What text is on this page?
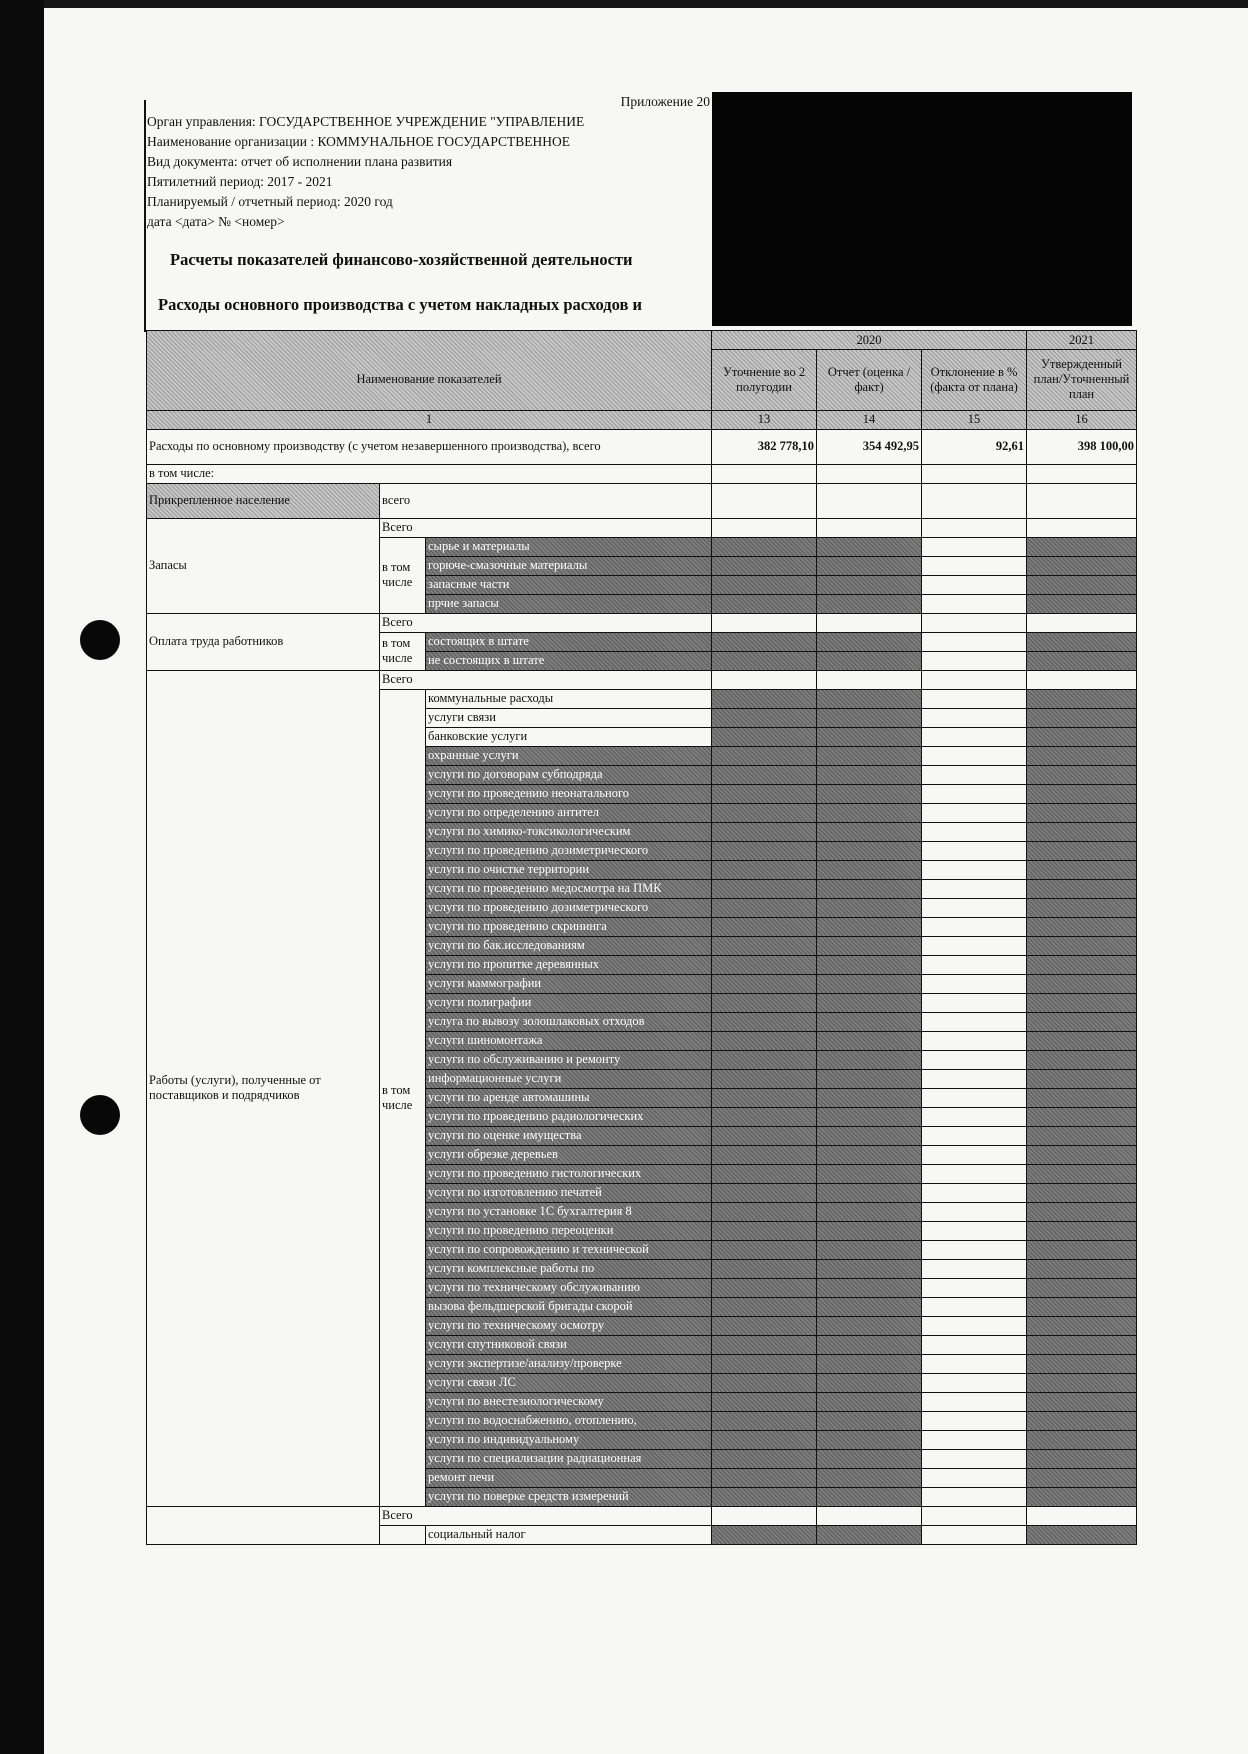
Приложение 20
Орган управления: ГОСУДАРСТВЕННОЕ УЧРЕЖДЕНИЕ "УПРАВЛЕНИЕ
Наименование организации : КОММУНАЛЬНОЕ ГОСУДАРСТВЕННОЕ
Вид документа: отчет об исполнении плана развития
Пятилетний период: 2017 - 2021
Планируемый / отчетный период: 2020 год
дата <дата> № <номер>
Расчеты показателей финансово-хозяйственной деятельности
Расходы основного производства с учетом накладных расходов и
			2020			2021
Наименование показателей			Уточнение во 2 полугодии	Отчет (оценка / факт)	Отклонение в % (факта от плана)	Утвержденный план/Уточненный план
1			13	14	15	16
Расходы по основному производству (с учетом незавершенного производства), всего			382 778,10	354 492,95	92,61	398 100,00
в том числе:						
Прикрепленное население	всего					
Запасы	Всего					
	в том числе	сырье и материалы				
		горюче-смазочные материалы				
		запасные части				
		прчие запасы				
Оплата труда работников	Всего					
	в том числе	состоящих в штате				
		не состоящих в штате				
Работы (услуги), полученные от поставщиков и подрядчиков	Всего					
	в том числе	коммунальные расходы				
		услуги связи				
		банковские услуги				
		охранные услуги				
		услуги по договорам субподряда				
		услуги по проведению неонатального				
		услуги по определению антител				
		услуги по химико-токсикологическим				
		услуги по проведению дозиметрического				
		услуги по очистке территории				
		услуги по проведению медосмотра на ПМК				
		услуги по проведению дозиметрического				
		услуги по проведению скрининга				
		услуги по бак.исследованиям				
		услуги по пропитке деревянных				
		услуги маммографии				
		услуги полиграфии				
		услуга по вывозу золошлаковых отходов				
		услуги шиномонтажа				
		услуги по обслуживанию и ремонту				
		информационные услуги				
		услуги по аренде автомашины				
		услуги по проведению радиологических				
		услуги по оценке имущества				
		услуги обрезке деревьев				
		услуги по проведению гистологических				
		услуги по изготовлению печатей				
		услуги по установке 1С бухгалтерия 8				
		услуги по проведению переоценки				
		услуги по сопровождению и технической				
		услуги комплексные работы по				
		услуги по техническому обслуживанию				
		вызова фельдшерской бригады скорой				
		услуги по техническому осмотру				
		услуги спутниковой связи				
		услуги экспертизе/анализу/проверке				
		услуги связи ЛС				
		услуги по внестезиологическому				
		услуги по водоснабжению, отоплению,				
		услуги по индивидуальному				
		услуги по специализации радиационная				
		ремонт печи				
		услуги по поверке средств измерений				
	Всего					
		социальный налог				
